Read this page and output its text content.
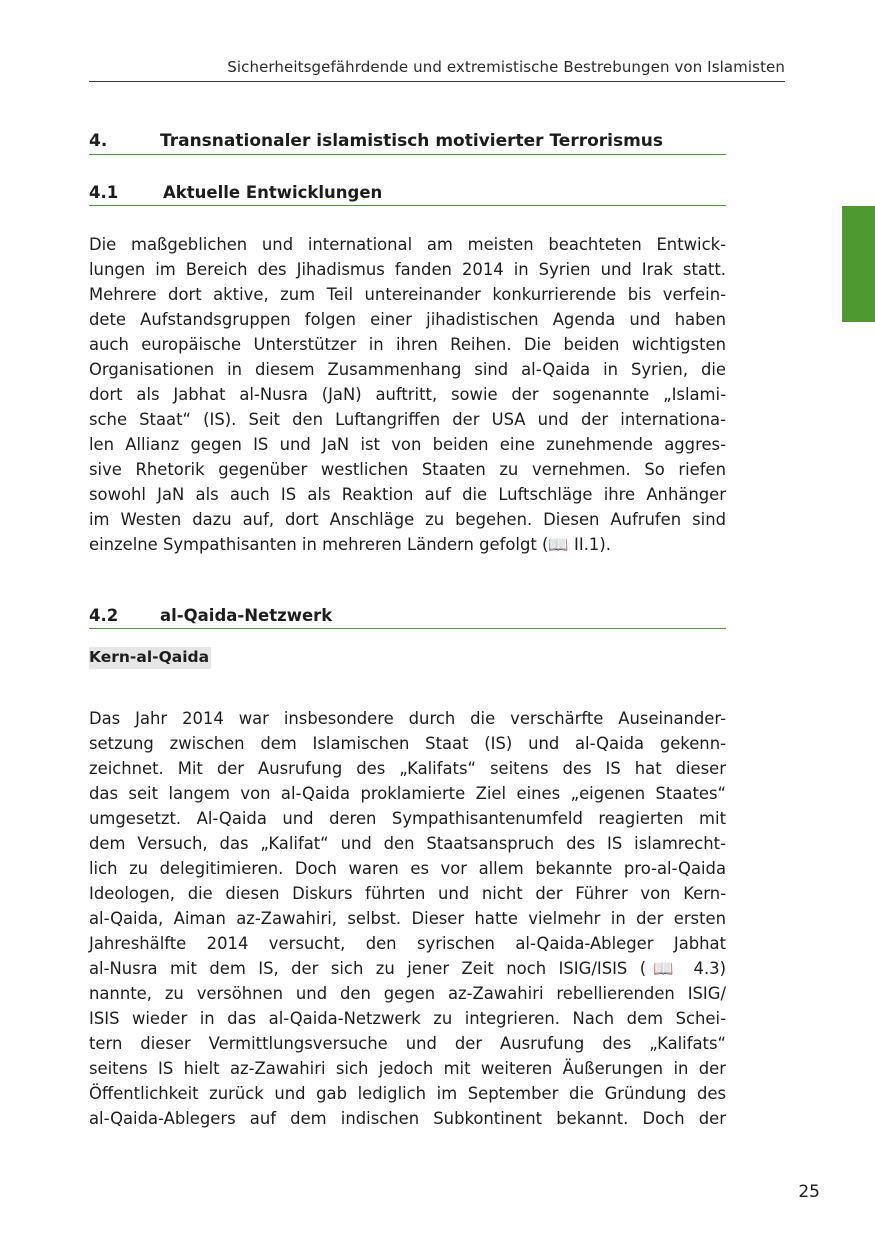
Sicherheitsgefährdende und extremistische Bestrebungen von Islamisten
4.	Transnationaler islamistisch motivierter Terrorismus
4.1	Aktuelle Entwicklungen
Die maßgeblichen und international am meisten beachteten Entwick-
lungen im Bereich des Jihadismus fanden 2014 in Syrien und Irak statt.
Mehrere dort aktive, zum Teil untereinander konkurrierende bis verfein-
dete Aufstandsgruppen folgen einer jihadistischen Agenda und haben
auch europäische Unterstützer in ihren Reihen. Die beiden wichtigsten
Organisationen in diesem Zusammenhang sind al-Qaida in Syrien, die
dort als Jabhat al-Nusra (JaN) auftritt, sowie der sogenannte „Islami-
sche Staat“ (IS). Seit den Luftangriffen der USA und der internationa-
len Allianz gegen IS und JaN ist von beiden eine zunehmende aggres-
sive Rhetorik gegenüber westlichen Staaten zu vernehmen. So riefen
sowohl JaN als auch IS als Reaktion auf die Luftschläge ihre Anhänger
im Westen dazu auf, dort Anschläge zu begehen. Diesen Aufrufen sind
einzelne Sympathisanten in mehreren Ländern gefolgt (📖 II.1).
4.2	al-Qaida-Netzwerk
Kern-al-Qaida
Das Jahr 2014 war insbesondere durch die verschärfte Auseinander-
setzung zwischen dem Islamischen Staat (IS) und al-Qaida gekenn-
zeichnet. Mit der Ausrufung des „Kalifats“ seitens des IS hat dieser
das seit langem von al-Qaida proklamierte Ziel eines „eigenen Staates“
umgesetzt. Al-Qaida und deren Sympathisantenumfeld reagierten mit
dem Versuch, das „Kalifat“ und den Staatsanspruch des IS islamrecht-
lich zu delegitimieren. Doch waren es vor allem bekannte pro-al-Qaida
Ideologen, die diesen Diskurs führten und nicht der Führer von Kern-
al-Qaida, Aiman az-Zawahiri, selbst. Dieser hatte vielmehr in der ersten
Jahreshälfte 2014 versucht, den syrischen al-Qaida-Ableger Jabhat
al-Nusra mit dem IS, der sich zu jener Zeit noch ISIG/ISIS (📖 4.3)
nannte, zu versöhnen und den gegen az-Zawahiri rebellierenden ISIG/
ISIS wieder in das al-Qaida-Netzwerk zu integrieren. Nach dem Schei-
tern dieser Vermittlungsversuche und der Ausrufung des „Kalifats“
seitens IS hielt az-Zawahiri sich jedoch mit weiteren Äußerungen in der
Öffentlichkeit zurück und gab lediglich im September die Gründung des
al-Qaida-Ablegers auf dem indischen Subkontinent bekannt. Doch der
25
